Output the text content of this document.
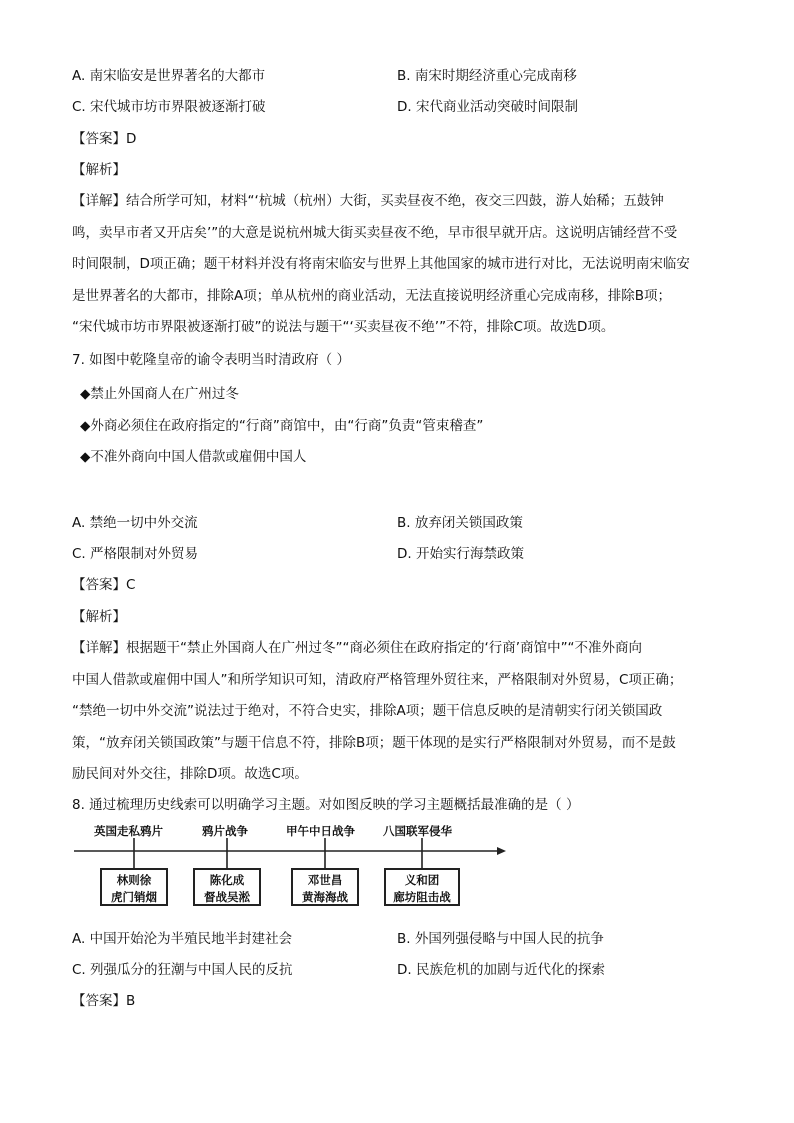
A. 南宋临安是世界著名的大都市	B. 南宋时期经济重心完成南移
C. 宋代城市坊市界限被逐渐打破	D. 宋代商业活动突破时间限制
【答案】D
【解析】
【详解】结合所学可知，材料“‘杭城（杭州）大街，买卖昼夜不绝，夜交三四鼓，游人始稀；五鼓钟
鸣，卖早市者又开店矣’”的大意是说杭州城大街买卖昼夜不绝，早市很早就开店。这说明店铺经营不受
时间限制，D项正确；题干材料并没有将南宋临安与世界上其他国家的城市进行对比，无法说明南宋临安
是世界著名的大都市，排除A项；单从杭州的商业活动，无法直接说明经济重心完成南移，排除B项；
“宋代城市坊市界限被逐渐打破”的说法与题干“‘买卖昼夜不绝’”不符，排除C项。故选D项。
7. 如图中乾隆皇帝的谕令表明当时清政府（ ）
◆禁止外国商人在广州过冬
◆外商必须住在政府指定的“行商”商馆中，由“行商”负责“管束稽查”
◆不准外商向中国人借款或雇佣中国人
A. 禁绝一切中外交流	B. 放弃闭关锁国政策
C. 严格限制对外贸易	D. 开始实行海禁政策
【答案】C
【解析】
【详解】根据题干“禁止外国商人在广州过冬”“商必须住在政府指定的‘行商’商馆中”“不准外商向
中国人借款或雇佣中国人”和所学知识可知，清政府严格管理外贸往来，严格限制对外贸易，C项正确；
“禁绝一切中外交流”说法过于绝对，不符合史实，排除A项；题干信息反映的是清朝实行闭关锁国政
策，“放弃闭关锁国政策”与题干信息不符，排除B项；题干体现的是实行严格限制对外贸易，而不是鼓
励民间对外交往，排除D项。故选C项。
8. 通过梳理历史线索可以明确学习主题。对如图反映的学习主题概括最准确的是（ ）
英国走私鸦片	鸦片战争	甲午中日战争 八国联军侵华
林则徐
虎门销烟
陈化成
督战吴淞
邓世昌
黄海海战
义和团
廊坊阻击战
A. 中国开始沦为半殖民地半封建社会	B. 外国列强侵略与中国人民的抗争
C. 列强瓜分的狂潮与中国人民的反抗	D. 民族危机的加剧与近代化的探索
【答案】B
